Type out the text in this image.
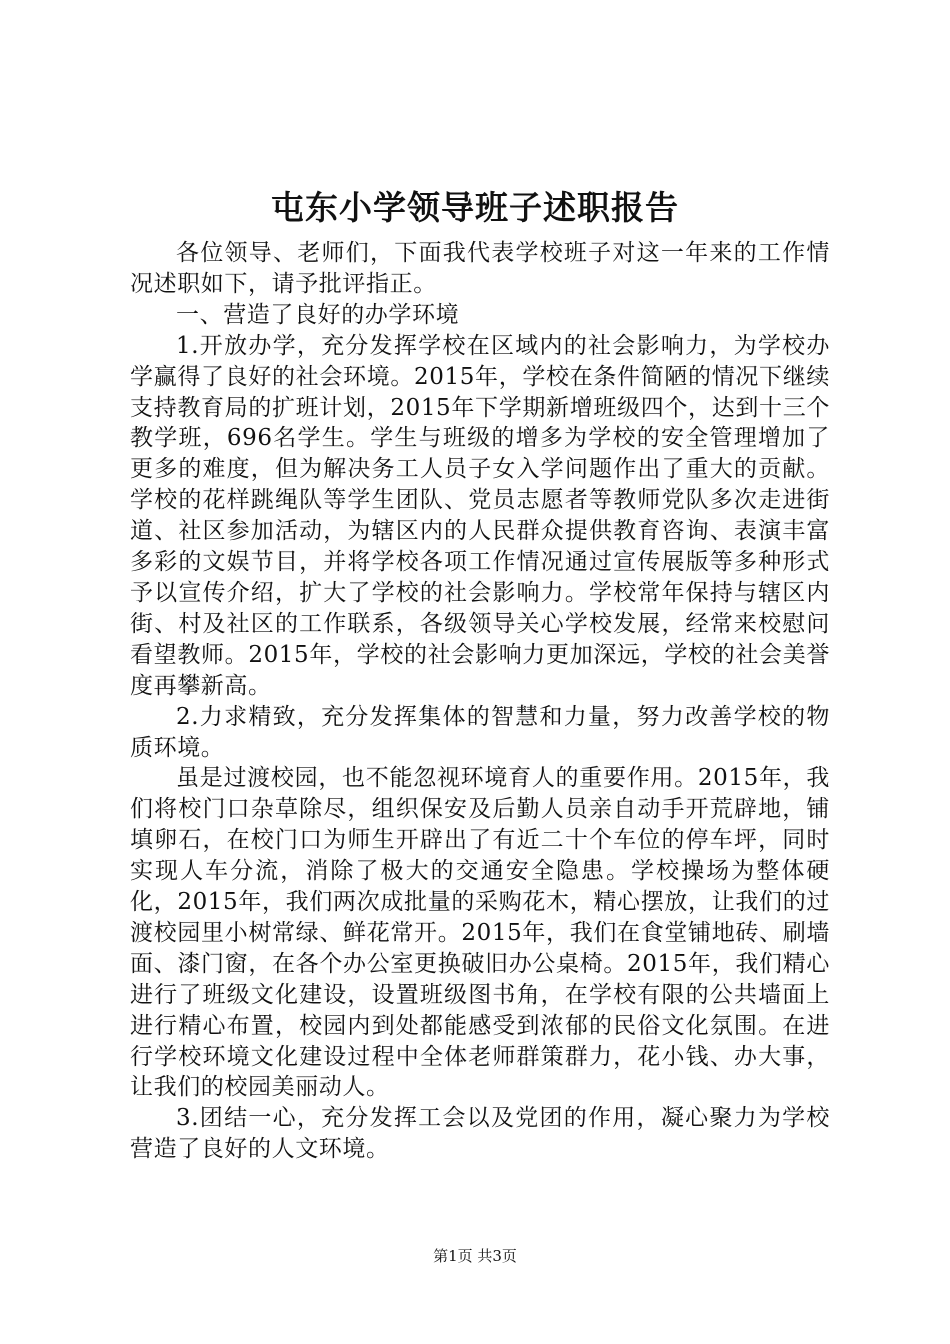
屯东小学领导班子述职报告

各位领导、老师们，下面我代表学校班子对这一年来的工作情况述职如下，请予批评指正。

一、营造了良好的办学环境

1.开放办学，充分发挥学校在区域内的社会影响力，为学校办学赢得了良好的社会环境。2015年，学校在条件简陋的情况下继续支持教育局的扩班计划，2015年下学期新增班级四个，达到十三个教学班，696名学生。学生与班级的增多为学校的安全管理增加了更多的难度，但为解决务工人员子女入学问题作出了重大的贡献。学校的花样跳绳队等学生团队、党员志愿者等教师党队多次走进街道、社区参加活动，为辖区内的人民群众提供教育咨询、表演丰富多彩的文娱节目，并将学校各项工作情况通过宣传展版等多种形式予以宣传介绍，扩大了学校的社会影响力。学校常年保持与辖区内街、村及社区的工作联系，各级领导关心学校发展，经常来校慰问看望教师。2015年，学校的社会影响力更加深远，学校的社会美誉度再攀新高。

2.力求精致，充分发挥集体的智慧和力量，努力改善学校的物质环境。

虽是过渡校园，也不能忽视环境育人的重要作用。2015年，我们将校门口杂草除尽，组织保安及后勤人员亲自动手开荒辟地，铺填卵石，在校门口为师生开辟出了有近二十个车位的停车坪，同时实现人车分流，消除了极大的交通安全隐患。学校操场为整体硬化，2015年，我们两次成批量的采购花木，精心摆放，让我们的过渡校园里小树常绿、鲜花常开。2015年，我们在食堂铺地砖、刷墙面、漆门窗，在各个办公室更换破旧办公桌椅。2015年，我们精心进行了班级文化建设，设置班级图书角，在学校有限的公共墙面上进行精心布置，校园内到处都能感受到浓郁的民俗文化氛围。在进行学校环境文化建设过程中全体老师群策群力，花小钱、办大事，让我们的校园美丽动人。

3.团结一心，充分发挥工会以及党团的作用，凝心聚力为学校营造了良好的人文环境。

第1页 共3页
